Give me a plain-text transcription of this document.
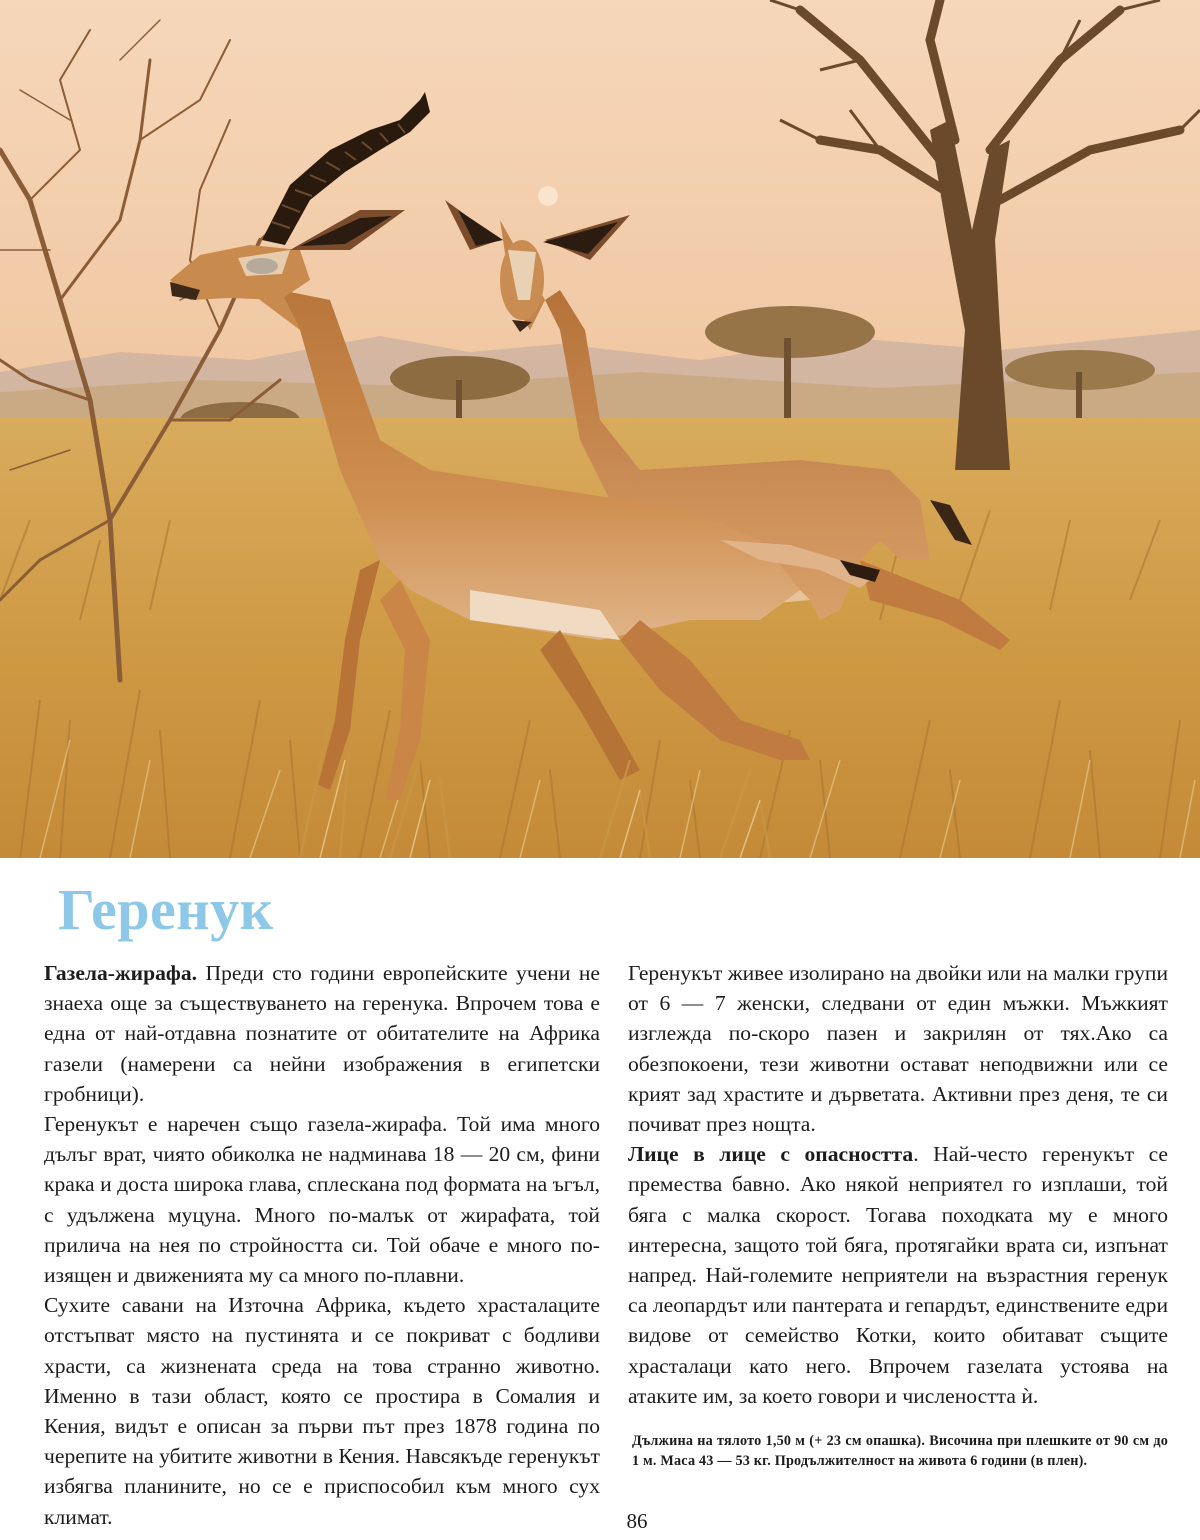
Геренук

Газела-жирафа. Преди сто години европейските учени не знаеха още за съществуването на геренука. Впрочем това е една от най-отдавна познатите от обитателите на Африка газели (намерени са нейни изображения в египетски гробници).

Геренукът е наречен също газела-жирафа. Той има много дълъг врат, чиято обиколка не надминава 18 — 20 см, фини крака и доста широка глава, сплескана под формата на ъгъл, с удължена муцуна. Много по-малък от жирафата, той прилича на нея по стройността си. Той обаче е много по-изящен и движенията му са много по-плавни.

Сухите савани на Източна Африка, където храсталаците отстъпват място на пустинята и се покриват с бодливи храсти, са жизнената среда на това странно животно. Именно в тази област, която се простира в Сомалия и Кения, видът е описан за първи път през 1878 година по черепите на убитите животни в Кения. Навсякъде геренукът избягва планините, но се е приспособил към много сух климат.

Геренукът живее изолирано на двойки или на малки групи от 6 — 7 женски, следвани от един мъжки. Мъжкият изглежда по-скоро пазен и закрилян от тях.Ако са обезпокоени, тези животни остават неподвижни или се крият зад храстите и дърветата. Активни през деня, те си почиват през нощта.

Лице в лице с опасността. Най-често геренукът се премества бавно. Ако някой неприятел го изплаши, той бяга с малка скорост. Тогава походката му е много интересна, защото той бяга, протягайки врата си, изпънат напред. Най-големите неприятели на възрастния геренук са леопардът или пантерата и гепардът, единствените едри видове от семейство Котки, които обитават същите храсталаци като него. Впрочем газелата устоява на атаките им, за което говори и числеността ѝ.

Дължина на тялото 1,50 м (+ 23 см опашка). Височина при плешките от 90 см до 1 м. Маса 43 — 53 кг. Продължителност на живота 6 години (в плен).
86
